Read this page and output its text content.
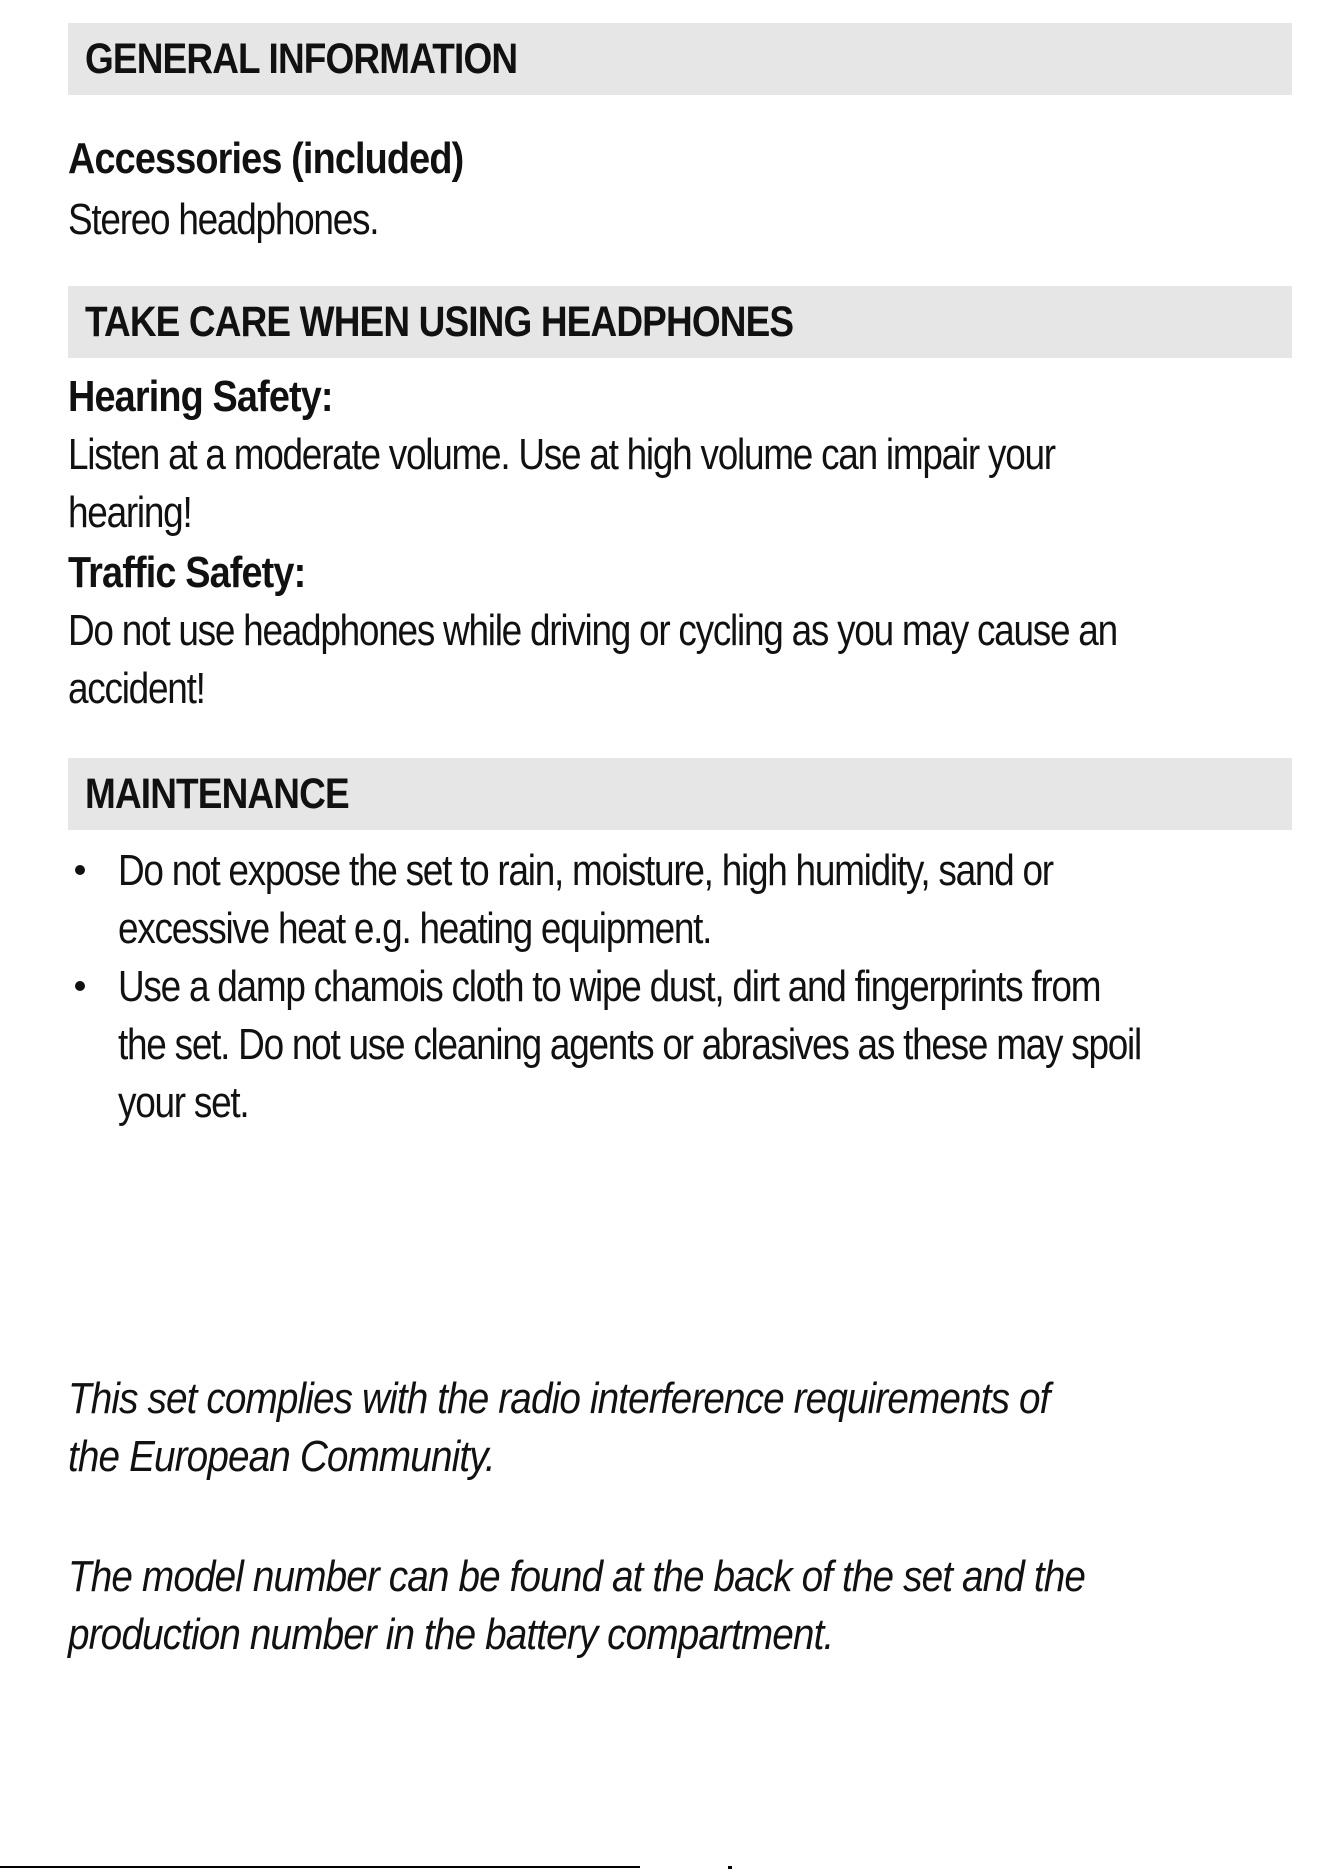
GENERAL INFORMATION
Accessories (included)
Stereo headphones.
TAKE CARE WHEN USING HEADPHONES
Hearing Safety:
Listen at a moderate volume. Use at high volume can impair your
hearing!
Traffic Safety:
Do not use headphones while driving or cycling as you may cause an
accident!
MAINTENANCE
Do not expose the set to rain, moisture, high humidity, sand or
excessive heat e.g. heating equipment.
Use a damp chamois cloth to wipe dust, dirt and fingerprints from
the set. Do not use cleaning agents or abrasives as these may spoil
your set.
This set complies with the radio interference requirements of
the European Community.
The model number can be found at the back of the set and the
production number in the battery compartment.
